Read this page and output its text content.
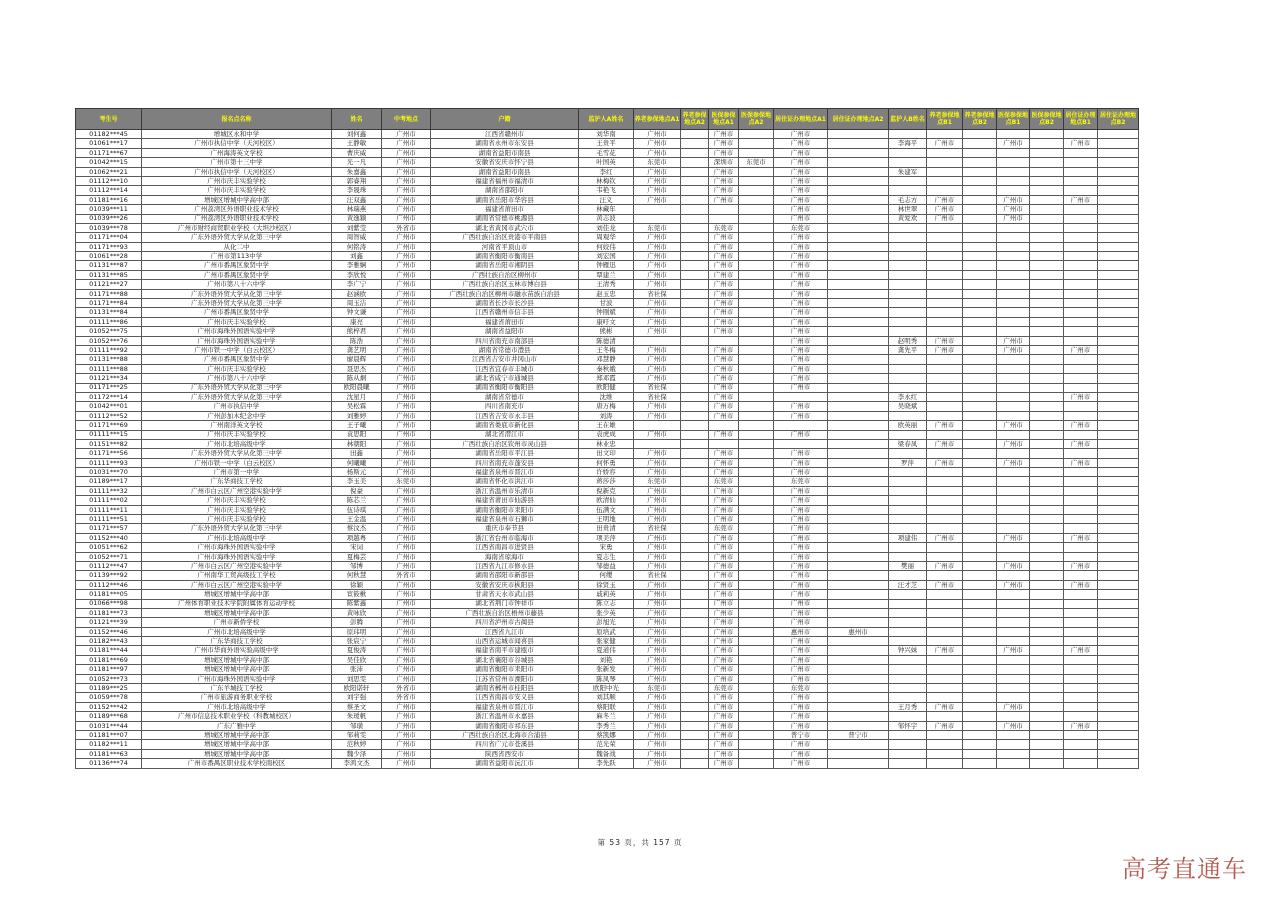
考生号	报名点名称	姓名	中考地点	户籍	监护人A姓名	养老参保地点A1	养老参保地点A2	医保参保地点A1	医保参保地点A2	居住证办理地点A1	居住证办理地点A2	监护人B姓名	养老参保地点B1	养老参保地点B2	医保参保地点B1	医保参保地点B2	居住证办理地点B1	居住证办理地点B2
01182***45	增城区永和中学	刘何鑫	广州市	江西省赣州市	刘华南	广州市		广州市		广州市								
01061***17	广州市执信中学（天河校区）	王静敏	广州市	湖南省永州市东安县	王贵平	广州市		广州市		广州市		李海平	广州市		广州市		广州市	
01171***67	广州海涛英文学校	曹庆威	广州市	湖南省益阳市南县	毛雪花	广州市		广州市		广州市								
01042***15	广州市第十三中学	光一凡	广州市	安徽省安庆市怀宁县	叶国英	东莞市		深圳市	东莞市	广州市								
01062***21	广州市执信中学（天河校区）	朱嘉鑫	广州市	湖南省益阳市南县	李红	广州市		广州市		广州市		朱建军						
01112***10	广州市庆丰实验学校	郭睿翔	广州市	福建省福州市福清市	林梅钦	广州市		广州市		广州市								
01112***14	广州市庆丰实验学校	李晟珠	广州市	湖南省邵阳市	韦艳飞	广州市		广州市		广州市								
01181***16	增城区增城中学高中部	汪双鑫	广州市	湖南省岳阳市华容县	汪义	广州市		广州市		广州市		毛志方	广州市		广州市		广州市	
01039***11	广州荔湾区外语职业技术学校	林瑞燕	广州市	福建省莆田市	林藏年					广州市		林世翠	广州市		广州市			
01039***26	广州荔湾区外语职业技术学校	黄逸颖	广州市	湖南省常德市桃源县	黄志波					广州市		黄爱欢	广州市		广州市			
01039***78	广州市财经商贸职业学校（大坦沙校区）	刘紫莹	外省市	湖北省黄冈市武穴市	刘佳龙	东莞市		东莞市		东莞市								
01171***04	广东外语外贸大学从化第三中学	周智威	广州市	广西壮族自治区贵港市平南县	周观华	广州市		广州市		广州市								
01171***93	从化二中	何铭涛	广州市	河南省平顶山市	何姣伟	广州市		广州市		广州市								
01061***28	广州市第113中学	刘鑫	广州市	湖南省衡阳市衡南县	刘宏国	广州市		广州市		广州市								
01131***87	广州市番禺区象贤中学	李雅娴	广州市	湖南省岳阳市湘阴县	钟雁迅	广州市		广州市		广州市								
01131***85	广州市番禺区象贤中学	李欣悦	广州市	广西壮族自治区柳州市	覃建兰	广州市		广州市		广州市								
01121***27	广州市第八十六中学	李广宁	广州市	广西壮族自治区玉林市博白县	王清秀	广州市		广州市		广州市								
01171***88	广东外语外贸大学从化第三中学	赵涵欧	广州市	广西壮族自治区柳州市融水苗族自治县	赵玉忠	省社保		广州市		广州市								
01171***84	广东外语外贸大学从化第三中学	周玉洁	广州市	湖南省长沙市长沙县	甘波	广州市		广州市		广州市								
01131***84	广州市番禺区象贤中学	钟文谦	广州市	江西省赣州市信丰县	钟刚斌	广州市		广州市		广州市								
01111***86	广州市庆丰实验学校	康亮	广州市	福建省莆田市	康吁文	广州市		广州市		广州市								
01052***75	广州市海珠外国语实验中学	熊梓君	广州市	湖南省益阳市	熊彬	广州市		广州市		广州市								
01052***76	广州市海珠外国语实验中学	陈浩	广州市	四川省南充市南部县	陈德清					广州市		赵明秀	广州市		广州市			
01111***92	广州市铁一中学（白云校区）	龚艺明	广州市	湖南省常德市澧县	王冬梅	广州市		广州市		广州市		龚先平	广州市		广州市		广州市	
01131***88	广州市番禺区象贤中学	廖晨辉	广州市	江西省吉安市井冈山市	邓慧静	广州市		广州市		广州市								
01111***88	广州市庆丰实验学校	聂思杰	广州市	江西省宜春市丰城市	秦秋娥	广州市		广州市		广州市								
01121***34	广州市第八十六中学	陈从炯	广州市	湖北省咸宁市通城县	郑邓霞	广州市		广州市		广州市								
01171***25	广东外语外贸大学从化第三中学	欧阳晨曦	广州市	湖南省衡阳市衡阳县	欧阳健	省社保		广州市		广州市								
01172***14	广东外语外贸大学从化第三中学	沈星月	广州市	湖南省常德市	沈维	省社保		广州市				李永红					广州市	
01042***01	广州市执信中学	吴松霖	广州市	四川省南充市	唐万梅	广州市		广州市		广州市		吴晓斌						
01112***52	广州彭加木纪念中学	刘雅婷	广州市	江西省吉安市永丰县	刘涛	广州市		广州市		广州市								
01171***69	广州南洋英文学校	王子曦	广州市	湖南省娄底市新化县	王在雄							欧英丽	广州市		广州市		广州市	
01111***15	广州市庆丰实验学校	袁思阳	广州市	湖北省潜江市	袁虎成	广州市		广州市		广州市								
01151***82	广州市北培高级中学	林朝阳	广州市	广西壮族自治区钦州市灵山县	林业忠							梁春凤	广州市		广州市		广州市	
01171***56	广东外语外贸大学从化第三中学	田鑫	广州市	湖南省岳阳市平江县	田文印	广州市		广州市		广州市								
01111***93	广州市铁一中学（白云校区）	何曦曦	广州市	四川省南充市蓬安县	何怀勇	广州市		广州市		广州市		罗萍	广州市		广州市		广州市	
01031***70	广州市第一中学	杨斯元	广州市	福建省泉州市晋江市	许娇容	广州市		广州市		广州市								
01189***17	广东华商技工学校	李玉美	东莞市	湖南省怀化市洪江市	蒋莎莎	东莞市		东莞市		东莞市								
01111***32	广州市白云区广州空港实验中学	倪豪	广州市	浙江省温州市乐清市	倪新克	广州市		广州市		广州市								
01111***02	广州市庆丰实验学校	陈芯兰	广州市	福建省莆田市仙游县	欧清仙	广州市		广州市		广州市								
01111***11	广州市庆丰实验学校	伍诗琪	广州市	湖南省衡阳市耒阳市	伍满文	广州市		广州市		广州市								
01111***51	广州市庆丰实验学校	王金温	广州市	福建省泉州市石狮市	王明地	广州市		广州市		广州市								
01171***57	广东外语外贸大学从化第三中学	蔡汶杰	广州市	重庆市奉节县	田贵清	省社保		东莞市		广州市								
01152***40	广州市北培高级中学	项越粤	广州市	浙江省台州市临海市	项美萍	广州市		广州市		广州市		项建伟	广州市		广州市		广州市	
01051***62	广州市海珠外国语实验中学	宋词	广州市	江西省南昌市进贤县	宋勇	广州市		广州市		广州市								
01052***71	广州市海珠外国语实验中学	夏梅芸	广州市	海南省琼海市	夏志生	广州市		广州市		广州市								
01112***47	广州市白云区广州空港实验中学	邹博	广州市	江西省九江市修水县	邹德益	广州市		广州市		广州市		樊丽	广州市		广州市		广州市	
01139***92	广州南华工贸高级技工学校	何秋慧	外省市	湖南省邵阳市新邵县	何缨	省社保		广州市		广州市								
01112***46	广州市白云区广州空港实验中学	徐颖	广州市	安徽省安庆市枞阳县	徐贤玉	广州市		广州市		广州市		汪才芝	广州市		广州市		广州市	
01181***05	增城区增城中学高中部	宦筱楸	广州市	甘肃省天水市武山县	戚莉英	广州市		广州市		广州市								
01066***98	广州体育职业技术学院附属体育运动学校	陈紫鑫	广州市	湖北省荆门市钟祥市	陈立志	广州市		广州市		广州市								
01181***73	增城区增城中学高中部	黄咏欣	广州市	广西壮族自治区梧州市藤县	张少英	广州市		广州市		广州市								
01121***39	广州市新侨学校	彭腾	广州市	四川省泸州市古蔺县	彭旭光	广州市		广州市		广州市								
01152***46	广州市北培高级中学	原玮明	广州市	江西省九江市	原培武	广州市		广州市		惠州市	惠州市							
01182***43	广东华商技工学校	张宸宁	广州市	山西省运城市闻喜县	张家健	广州市		广州市		广州市								
01181***44	广州市华商外语实验高级中学	夏俊涛	广州市	福建省南平市建瓯市	夏道伟	广州市		广州市		广州市		钟兴妹	广州市		广州市		广州市	
01181***69	增城区增城中学高中部	吴佳欣	广州市	湖北省襄阳市谷城县	刘艳	广州市		广州市		广州市								
01181***97	增城区增城中学高中部	张沛	广州市	湖南省衡阳市耒阳市	张新发	广州市		广州市		广州市								
01052***73	广州市海珠外国语实验中学	刘思雯	广州市	江苏省常州市溧阳市	陈凤琴	广州市		广州市		广州市								
01189***25	广东羊城技工学校	欧阳诺轩	外省市	湖南省郴州市桂阳县	欧阳中光	东莞市		东莞市		东莞市								
01059***78	广州市旅游商务职业学校	刘宇强	外省市	江西省南昌市安义县	刘其顺	广州市		广州市		广州市								
01152***42	广州市北培高级中学	蔡圣文	广州市	福建省泉州市晋江市	蔡阳联	广州市		广州市		广州市		王月秀	广州市		广州市			
01189***68	广州市信息技术职业学校（科教城校区）	朱瑷帆	广州市	浙江省温州市永嘉县	麻冬兰	广州市		广州市		广州市								
01031***44	广东广雅中学	邹璜	广州市	湖南省衡阳市祁东县	李秀兰	广州市		广州市		广州市		邹怀宇	广州市		广州市		广州市	
01181***07	增城区增城中学高中部	邹莉雯	广州市	广西壮族自治区北海市合浦县	蔡凯娜	广州市		广州市		普宁市	普宁市							
01182***11	增城区增城中学高中部	范秋婷	广州市	四川省广元市苍溪县	范光荣	广州市		广州市		广州市								
01181***63	增城区增城中学高中部	魏少泽	广州市	陕西省西安市	魏备战	广州市		广州市		广州市								
01136***74	广州市番禺区职业技术学校南校区	李鸿文杰	广州市	湖南省益阳市沅江市	李先跃	广州市		广州市		广州市								
第 53 页，共 157 页
高考直通车
